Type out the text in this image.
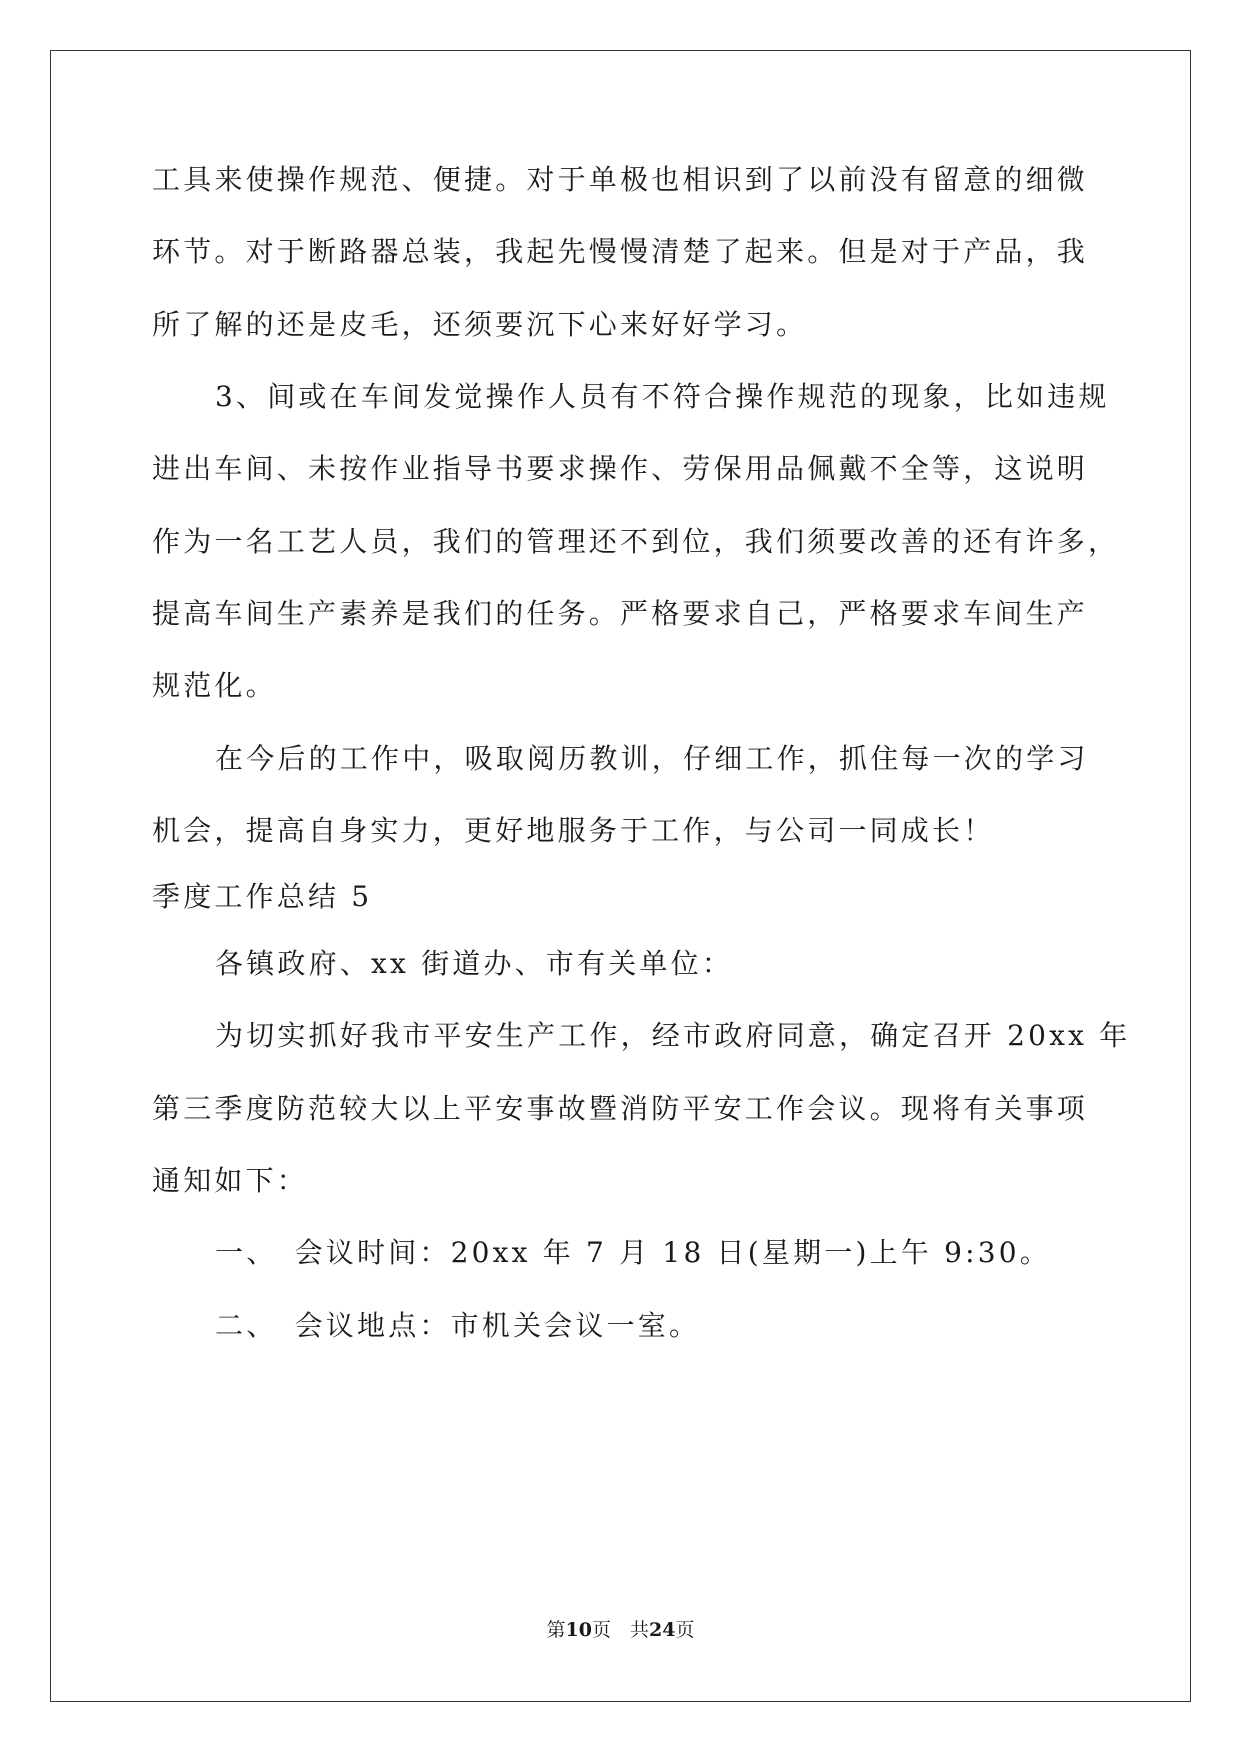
工具来使操作规范、便捷。对于单极也相识到了以前没有留意的细微
环节。对于断路器总装，我起先慢慢清楚了起来。但是对于产品，我
所了解的还是皮毛，还须要沉下心来好好学习。
3、间或在车间发觉操作人员有不符合操作规范的现象，比如违规
进出车间、未按作业指导书要求操作、劳保用品佩戴不全等，这说明
作为一名工艺人员，我们的管理还不到位，我们须要改善的还有许多，
提高车间生产素养是我们的任务。严格要求自己，严格要求车间生产
规范化。
在今后的工作中，吸取阅历教训，仔细工作，抓住每一次的学习
机会，提高自身实力，更好地服务于工作，与公司一同成长！
季度工作总结 5
各镇政府、xx 街道办、市有关单位：
为切实抓好我市平安生产工作，经市政府同意，确定召开 20xx 年
第三季度防范较大以上平安事故暨消防平安工作会议。现将有关事项
通知如下：
一、　会议时间：20xx 年 7 月 18 日(星期一)上午 9:30。
二、　会议地点：市机关会议一室。
第10页　共24页
